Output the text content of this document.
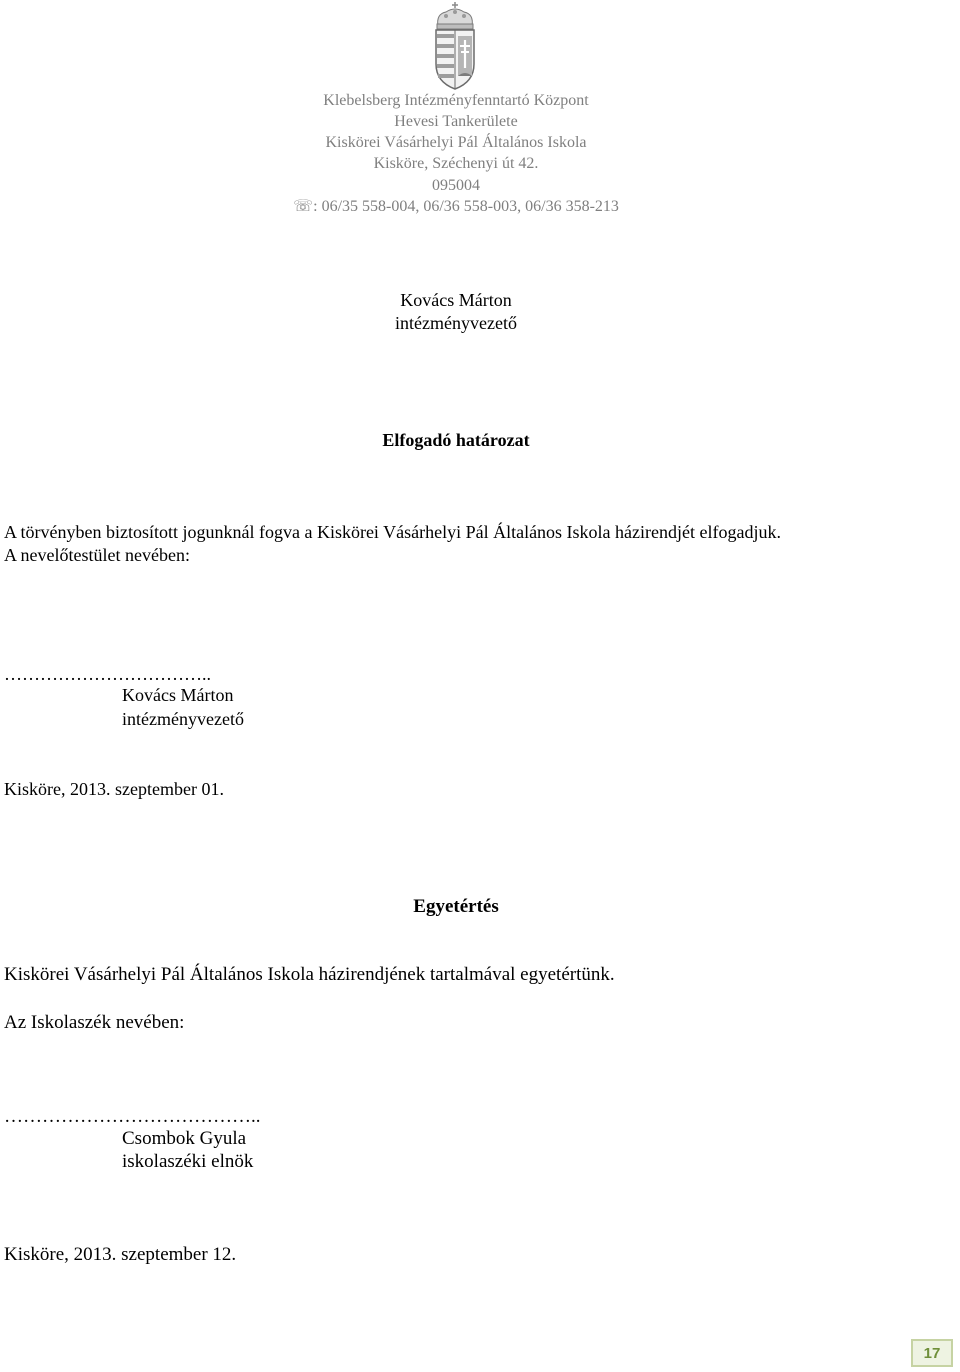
Klebelsberg Intézményfenntartó Központ
Hevesi Tankerülete
Kiskörei Vásárhelyi Pál Általános Iskola
Kisköre, Széchenyi út 42.
095004
☏: 06/35 558-004, 06/36 558-003, 06/36 358-213
Kovács Márton
intézményvezető
Elfogadó határozat
A törvényben biztosított jogunknál fogva a Kiskörei Vásárhelyi Pál Általános Iskola házirendjét elfogadjuk.
A nevelőtestület nevében:
……………………………..
Kovács Márton
intézményvezető
Kisköre, 2013. szeptember 01.
Egyetértés
Kiskörei Vásárhelyi Pál Általános Iskola házirendjének tartalmával egyetértünk.
Az Iskolaszék nevében:
…………………………………..
Csombok Gyula
iskolaszéki elnök
Kisköre, 2013. szeptember 12.
17
